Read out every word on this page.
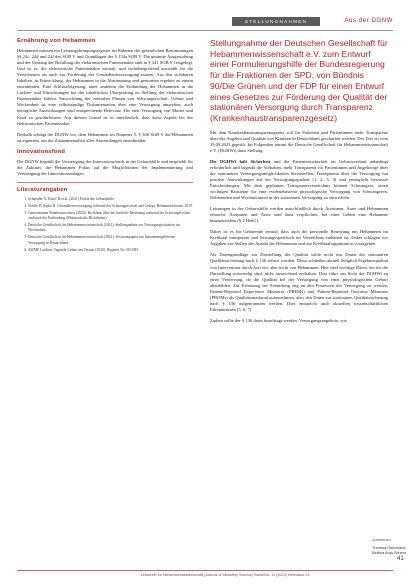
STELLUNGNAHMEN	Aus der DGNW
Ernährung von Hebammen

Hebammen müssen ein Leistungsbringungsregister im Rahmen des gesetzlichen Bestimmungen §§ 24c, 24d und 24f des SGB V und Grundlagen des § 134a SGB V. Die gesamte Ausgestaltung und der Umfang der Befüllung der elektronischen Patientenakte sind in § 341 SGB V festgelegt. Und ist es, die elektronische Patientenakte zeitnah- und fachübergreifend auswählt für die Versicherten als auch zur Förderung der Gesundheitsversorgung nutzen. Aus den sichtbaren Inhalten, in Entwicklung, der Hebammen in die Abstimmung und genormen ergeben zu einem einzubinden. Eine Schlussfolgerung, unter anderem die Einbindung der Hebammen in die Lücken- und Einrichtungen bei der inhaltlichen Überprüfung zu Stellung der elektronischen Patientenakte führen. Entwicklung der zentralen Phasen von Schwangerschaft, Geburt und Wochenbett ist eine selbstständige Dokumentation über eine Versorgung umwelten, auch beträgliche Auswirkungen sind entsprechende Relevanz. Die eine Versorgung von Mutter und Kind zu gewährleisten. Aus diesem Grund ist es unerlässlich, dass diese Aspekt bei der elektronischen Patientenakte.

Deshalb schlägt die DGNW vor, dem Hebammen im Nummer 5, § 306 SGB V die Hebammen zu ergänzen, um die Zusammenarbeit aller Anwendungen einzubinden.

Innovationsfond

Die DGNW begrüßt die Verstetigung des Innovationsfonds in der Geburtshilfe und empfiehlt für die Zukunft, die Hebammen Fokus auf die Möglichkeiten der Implementierung und Verstetigung der Innovationsanlagen.

Literaturangaben
1. Schneider A, Knorr B et al. (2021) Praxis der Geburtshilfe.
2. Noelle D, Rejhe B. Gesundheitsversorgung während der Schwangerschaft und Geburt. Hebammenforum, 2019.
3. Gemeinsamer Bundesausschuss (2020). Richtlinie über die ärztliche Betreuung während der Schwangerschaft und nach der Entbindung (Mutterschafts-Richtlinien).
4. Deutsche Gesellschaft für Hebammenwissenschaft (2021). Stellungnahme zur Versorgungssituation im Wochenbett.
5. Deutsche Gesellschaft für Hebammenwissenschaft (2022). Positionspapier zur hebammengeleiteten Versorgung in Deutschland.
6. AWMF Leitlinie Vaginale Geburt am Termin (2020). Register Nr. 015-083.
Stellungnahme der Deutschen Gesellschaft für Hebammenwissenschaft e.V. zum Entwurf einer Formulierungshilfe der Bundesregierung für die Fraktionen der SPD, von Bündnis 90/Die Grünen und der FDP für einen Entwurf eines Gesetzes zur Förderung der Qualität der stationären Versorgung durch Transparenz (Krankenhaustransparenzgesetz)

Mit dem Krankenhaustransparenzgesetz soll für Patienten und Patientinnen mehr Transparenz über das Angebot und Qualität von Kliniken in Deutschland geschaffen werden. Der Text ist vom 19.09.2023 geprüft. Im Folgenden nimmt die Deutsche Gesellschaft für Hebammenwissenschaft e.V. (DGHWi) dazu Stellung.

Die DGHWi hält Sicherheit und die Patientensicherheit im Geburtsverlauf unbedingt erforderlich und begrüßt die Vorhaben, mehr Transparenz für Patientinnen und Angehörige über die stationären Versorgungsmöglichkeiten herzustellen. Transparenz über die Versorgung hat positive Auswirkungen auf die Versorgungsqualität [1, 2, 3, 4] und ermöglicht bewusste Entscheidungen. Mit dem geplanten Transparenzverzeichnis können Schwangere, einen wichtigen Bausteine für eine evidenzbasierte physiologische Versorgung von Schwangeren, Gebärenden und Wöchnerinnen in der stationären Versorgung zu entwickeln.

Leistungen in der Geburtshilfe werden ausschließlich durch Ärztinnen, Ärzte und Hebammen erbracht. Ärztinnen und Ärzte sind dazu verpflichtet, bei einer Geburt eine Hebamme hinzuzuziehen (§ 4 HebG).

Daher ist es für Gebärende zentral, dass auch die personelle Besetzung mit Hebammen im Kreißsaal transparent und leistungsspezifisch im Verzeichnis enthalten ist. Daher schlagen wir Angaben zur Stellen der Anzahl der Hebammen und zur Kreißsaalorganisation vorzugeben.

Als Datengrundlage zur Darstellung der Qualität sollte nicht nur Daten der stationären Qualitätssicherung nach § 136 erfasst werden. Diese schließen aktuell lediglich Ergebnisqualität von Intervention durch Arzt ein, aber nicht von Hebammen. Hier sind wichtige Daten, die für die Darstellung notwendig sind, nicht ausreichend enthalten. Dies führt aus Sicht der DGHWi zu einer Verzerrung, da die Qualität bei der Versorgung von einer physiologischen Geburt abzubilden. Zur Erfassung der Ermittlung eng an den Prozessen der Versorgung zu werden, Patient-Reported Experience Measures (PREMs) und Patient-Reported Outcome Measures (PROMs) als Qualitätsmerkmal aufzunehmen, aber den Daten zur stationären Qualitätssicherung nach § 136 aufgenommen werden. Dies entspricht auch aktuellen wissenschaftlichen Erkenntnissen [5, 6, 7].

Zudem sollte der § 136 darin beauftragt werden, Versorgungsangebote, wie

Autorinnen
Theresa Osterhaus, Bettina Anja Scheer
41
Zeitschrift für Hebammenwissenschaft (Journal of Midwifery Science) Band/Vol. 11 (2023) Heft/Issue 02
